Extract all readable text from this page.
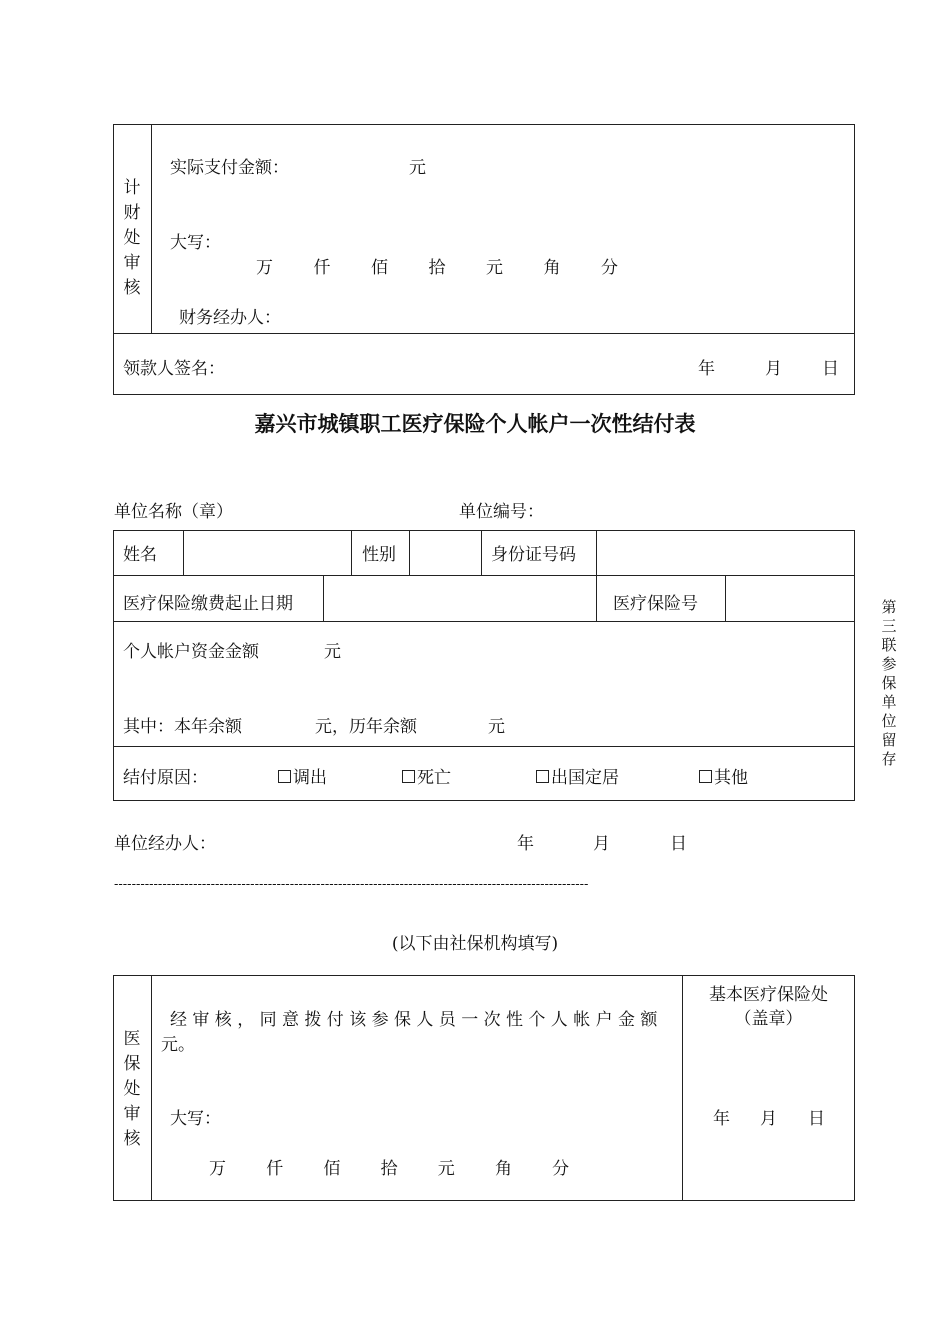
计财处审核
实际支付金额：	元
大写：
万 仟 佰 拾 元 角 分
财务经办人：
领款人签名：	年	月 日
嘉兴市城镇职工医疗保险个人帐户一次性结付表
单位名称（章）	单位编号：
姓名	性别	身份证号码
医疗保险缴费起止日期	医疗保险号
个人帐户资金金额	元
其中：本年余额	元，历年余额	元
结付原因：	调出	死亡	出国定居	其他
第三联 参保单位留存
单位经办人：	年	月	日
------------------------------------------------------------------------------------------------------------
(以下由社保机构填写)
医保处审核
经审核，同意拨付该参保人员一次性个人帐户金额
元。
大写：
万 仟 佰 拾 元 角 分
基本医疗保险处
（盖章）
年 月 日
